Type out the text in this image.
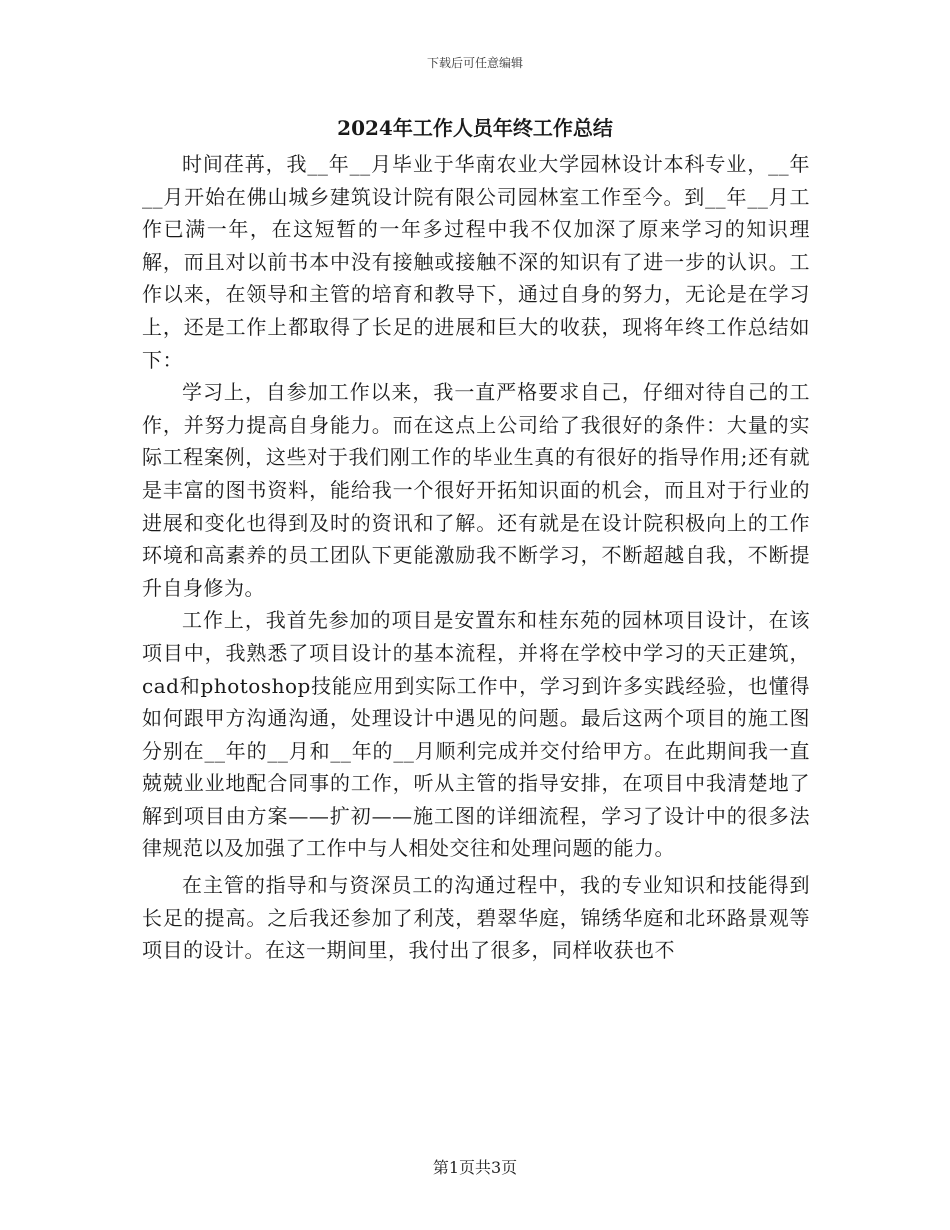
下载后可任意编辑
2024年工作人员年终工作总结

时间荏苒，我__年__月毕业于华南农业大学园林设计本科专业，__年__月开始在佛山城乡建筑设计院有限公司园林室工作至今。到__年__月工作已满一年，在这短暂的一年多过程中我不仅加深了原来学习的知识理解，而且对以前书本中没有接触或接触不深的知识有了进一步的认识。工作以来，在领导和主管的培育和教导下，通过自身的努力，无论是在学习上，还是工作上都取得了长足的进展和巨大的收获，现将年终工作总结如下：

学习上，自参加工作以来，我一直严格要求自己，仔细对待自己的工作，并努力提高自身能力。而在这点上公司给了我很好的条件：大量的实际工程案例，这些对于我们刚工作的毕业生真的有很好的指导作用;还有就是丰富的图书资料，能给我一个很好开拓知识面的机会，而且对于行业的进展和变化也得到及时的资讯和了解。还有就是在设计院积极向上的工作环境和高素养的员工团队下更能激励我不断学习，不断超越自我，不断提升自身修为。

工作上，我首先参加的项目是安置东和桂东苑的园林项目设计，在该项目中，我熟悉了项目设计的基本流程，并将在学校中学习的天正建筑，cad和photoshop技能应用到实际工作中，学习到许多实践经验，也懂得如何跟甲方沟通沟通，处理设计中遇见的问题。最后这两个项目的施工图分别在__年的__月和__年的__月顺利完成并交付给甲方。在此期间我一直兢兢业业地配合同事的工作，听从主管的指导安排，在项目中我清楚地了解到项目由方案——扩初——施工图的详细流程，学习了设计中的很多法律规范以及加强了工作中与人相处交往和处理问题的能力。

在主管的指导和与资深员工的沟通过程中，我的专业知识和技能得到长足的提高。之后我还参加了利茂，碧翠华庭，锦绣华庭和北环路景观等项目的设计。在这一期间里，我付出了很多，同样收获也不

第1页共3页
